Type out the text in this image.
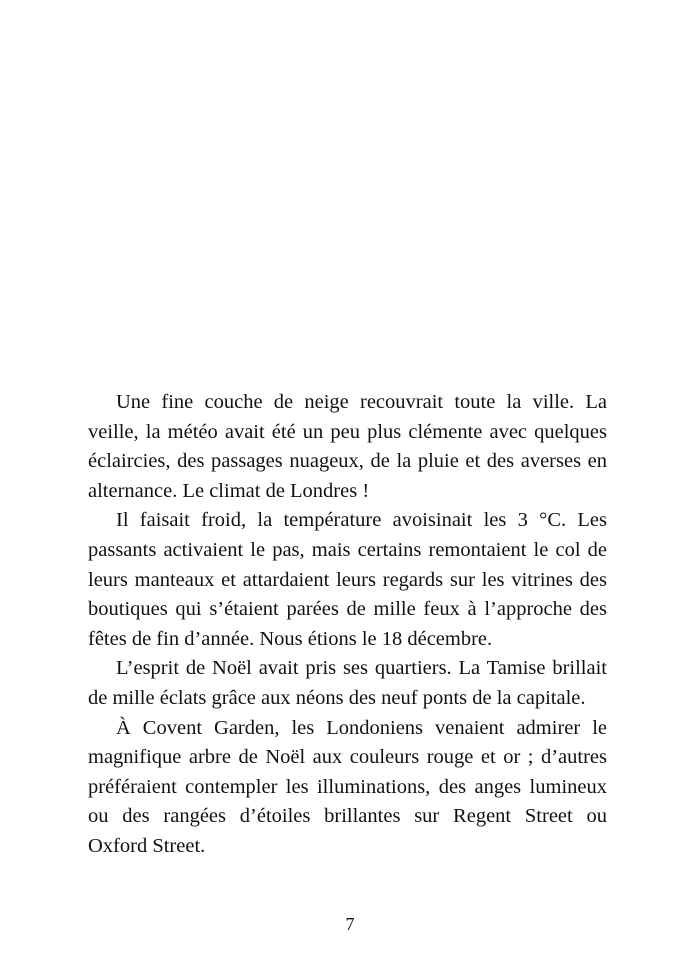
Une fine couche de neige recouvrait toute la ville. La
veille, la météo avait été un peu plus clémente avec quelques
éclaircies, des passages nuageux, de la pluie et des averses en
alternance. Le climat de Londres !
Il faisait froid, la température avoisinait les 3 °C. Les
passants activaient le pas, mais certains remontaient le col de
leurs manteaux et attardaient leurs regards sur les vitrines des
boutiques qui s’étaient parées de mille feux à l’approche des
fêtes de fin d’année. Nous étions le 18 décembre.
L’esprit de Noël avait pris ses quartiers. La Tamise brillait
de mille éclats grâce aux néons des neuf ponts de la capitale.
À Covent Garden, les Londoniens venaient admirer le
magnifique arbre de Noël aux couleurs rouge et or ; d’autres
préféraient contempler les illuminations, des anges lumineux
ou des rangées d’étoiles brillantes sur Regent Street ou
Oxford Street.
7
